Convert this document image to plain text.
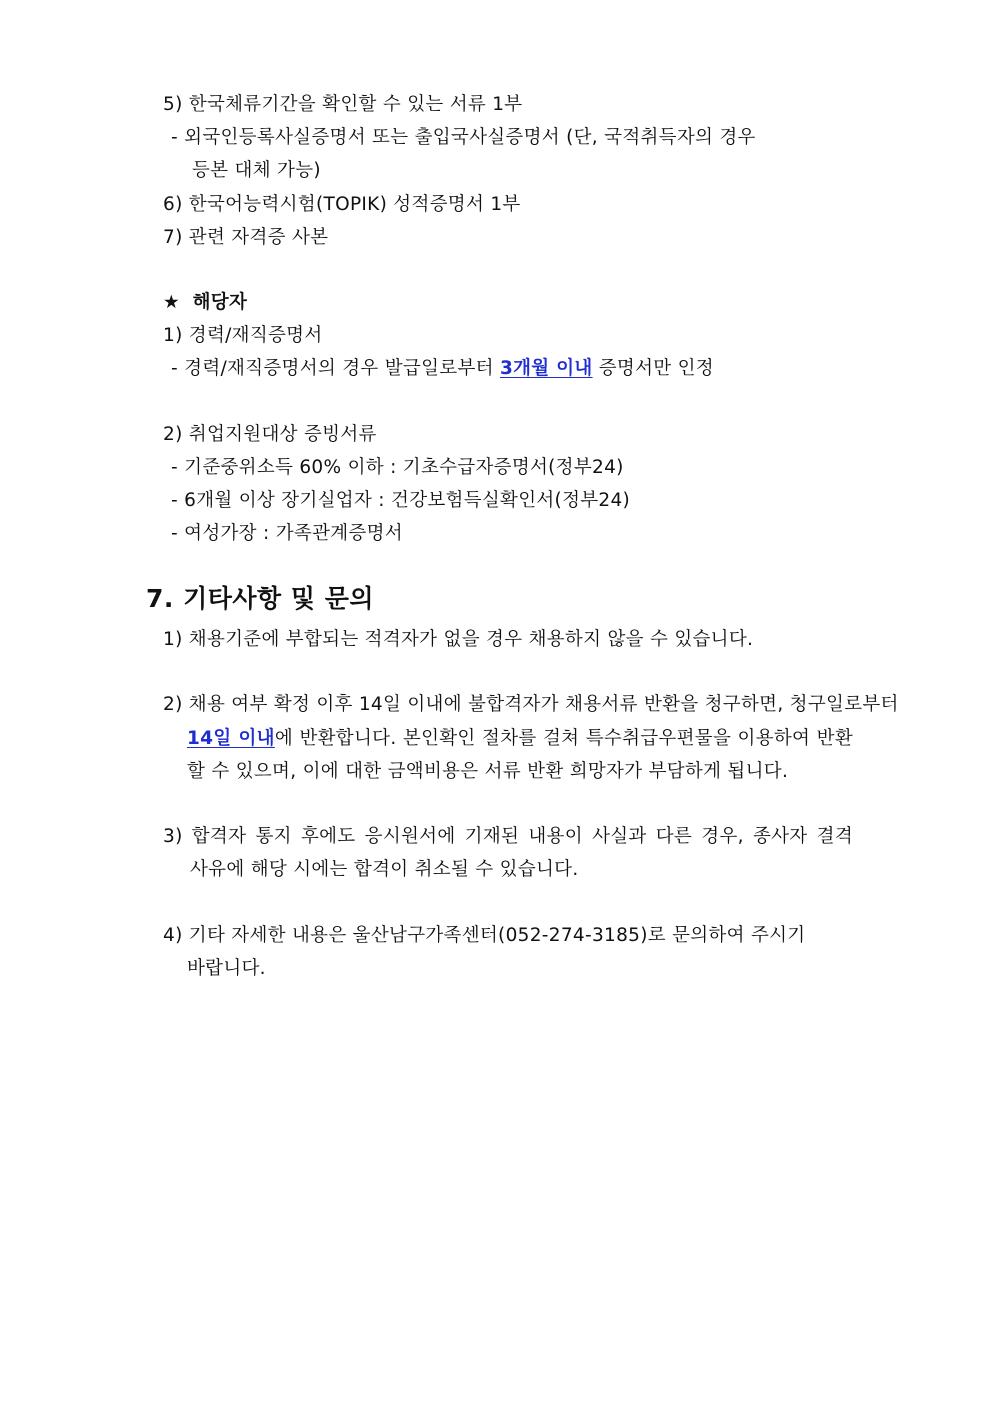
5) 한국체류기간을 확인할 수 있는 서류 1부
- 외국인등록사실증명서 또는 출입국사실증명서 (단, 국적취득자의 경우
등본 대체 가능)
6) 한국어능력시험(TOPIK) 성적증명서 1부
7) 관련 자격증 사본
★ 해당자
1) 경력/재직증명서
- 경력/재직증명서의 경우 발급일로부터 3개월 이내 증명서만 인정
2) 취업지원대상 증빙서류
- 기준중위소득 60% 이하 : 기초수급자증명서(정부24)
- 6개월 이상 장기실업자 : 건강보험득실확인서(정부24)
- 여성가장 : 가족관계증명서
7. 기타사항 및 문의
1) 채용기준에 부합되는 적격자가 없을 경우 채용하지 않을 수 있습니다.
2) 채용 여부 확정 이후 14일 이내에 불합격자가 채용서류 반환을 청구하면, 청구일로부터
14일 이내에 반환합니다. 본인확인 절차를 걸쳐 특수취급우편물을 이용하여 반환
할 수 있으며, 이에 대한 금액비용은 서류 반환 희망자가 부담하게 됩니다.
3) 합격자 통지 후에도 응시원서에 기재된 내용이 사실과 다른 경우, 종사자 결격
사유에 해당 시에는 합격이 취소될 수 있습니다.
4) 기타 자세한 내용은 울산남구가족센터(052-274-3185)로 문의하여 주시기
바랍니다.
